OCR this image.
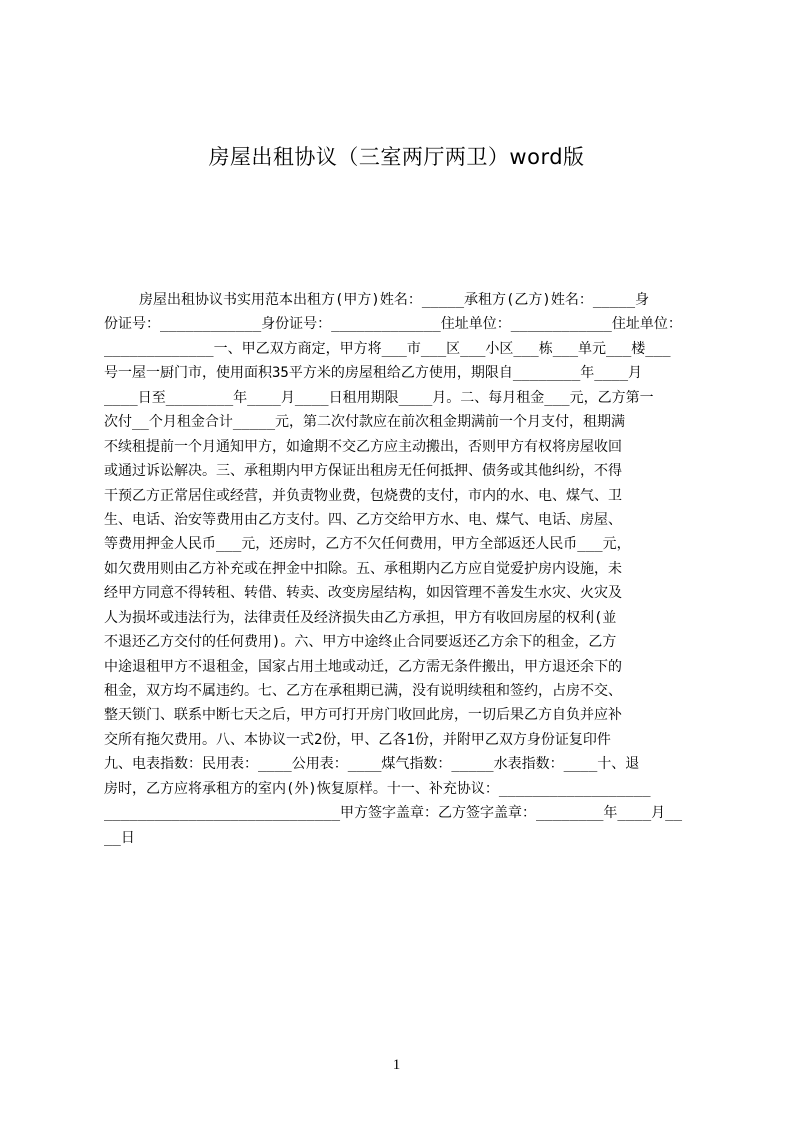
房屋出租协议（三室两厅两卫）word版
房屋出租协议书实用范本出租方(甲方)姓名：_____承租方(乙方)姓名：_____身
份证号：____________身份证号：_____________住址单位：____________住址单位：
_____________一、甲乙双方商定，甲方将___市___区___小区___栋___单元___楼___
号一屋一厨门市，使用面积35平方米的房屋租给乙方使用，期限自________年____月
____日至________年____月____日租用期限____月。二、每月租金___元，乙方第一
次付__个月租金合计_____元，第二次付款应在前次租金期满前一个月支付，租期满
不续租提前一个月通知甲方，如逾期不交乙方应主动搬出，否则甲方有权将房屋收回
或通过诉讼解决。三、承租期内甲方保证出租房无任何抵押、债务或其他纠纷，不得
干预乙方正常居住或经营，并负责物业费，包烧费的支付，市内的水、电、煤气、卫
生、电话、治安等费用由乙方支付。四、乙方交给甲方水、电、煤气、电话、房屋、
等费用押金人民币___元，还房时，乙方不欠任何费用，甲方全部返还人民币___元，
如欠费用则由乙方补充或在押金中扣除。五、承租期内乙方应自觉爱护房内设施，未
经甲方同意不得转租、转借、转卖、改变房屋结构，如因管理不善发生水灾、火灾及
人为损坏或违法行为，法律责任及经济损失由乙方承担，甲方有收回房屋的权利(並
不退还乙方交付的任何费用)。六、甲方中途终止合同要返还乙方余下的租金，乙方
中途退租甲方不退租金，国家占用土地或动迁，乙方需无条件搬出，甲方退还余下的
租金，双方均不属违约。七、乙方在承租期已满，没有说明续租和签约，占房不交、
整天锁门、联系中断七天之后，甲方可打开房门收回此房，一切后果乙方自负并应补
交所有拖欠费用。八、本协议一式2份，甲、乙各1份，并附甲乙双方身份证复印件
九、电表指数：民用表：____公用表：____煤气指数：_____水表指数：____十、退
房时，乙方应将承租方的室内(外)恢复原样。十一、补充协议：__________________
____________________________甲方签字盖章：乙方签字盖章：________年____月__
__日
1
